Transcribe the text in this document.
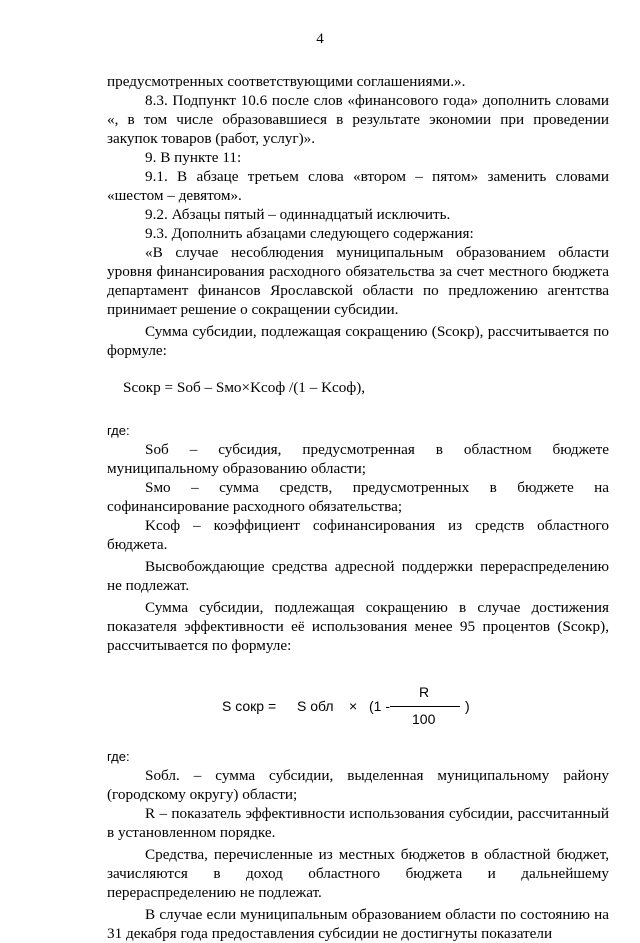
4

предусмотренных соответствующими соглашениями.».

8.3. Подпункт 10.6 после слов «финансового года» дополнить словами «, в том числе образовавшиеся в результате экономии при проведении закупок товаров (работ, услуг)».

9. В пункте 11:

9.1. В абзаце третьем слова «втором – пятом» заменить словами «шестом – девятом».

9.2. Абзацы пятый – одиннадцатый исключить.

9.3. Дополнить абзацами следующего содержания:

«В случае несоблюдения муниципальным образованием области уровня финансирования расходного обязательства за счет местного бюджета департамент финансов Ярославской области по предложению агентства принимает решение о сокращении субсидии.

Сумма субсидии, подлежащая сокращению (Sсокр), рассчитывается по формуле:

Sсокр = Sоб – Sмо×Kсоф /(1 – Kсоф),

где:

Sоб – субсидия, предусмотренная в областном бюджете муниципальному образованию области;

Sмо – сумма средств, предусмотренных в бюджете на софинансирование расходного обязательства;

Kсоф – коэффициент софинансирования из средств областного бюджета.

Высвобождающие средства адресной поддержки перераспределению не подлежат.

Сумма субсидии, подлежащая сокращению в случае достижения показателя эффективности её использования менее 95 процентов (Sсокр), рассчитывается по формуле:

S сокр = S обл × (1 -
R
100
)

где:

Sобл. – сумма субсидии, выделенная муниципальному району (городскому округу) области;

R – показатель эффективности использования субсидии, рассчитанный в установленном порядке.

Средства, перечисленные из местных бюджетов в областной бюджет, зачисляются в доход областного бюджета и дальнейшему перераспределению не подлежат.

В случае если муниципальным образованием области по состоянию на 31 декабря года предоставления субсидии не достигнуты показатели
